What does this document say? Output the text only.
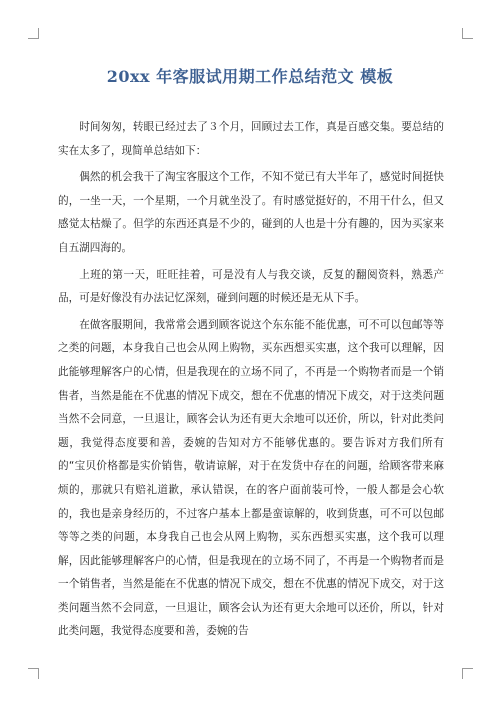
20xx 年客服试用期工作总结范文 模板

时间匆匆，转眼已经过去了３个月，回顾过去工作，真是百感交集。要总结的实在太多了，现简单总结如下：

偶然的机会我干了淘宝客服这个工作，不知不觉已有大半年了，感觉时间挺快的，一坐一天，一个星期，一个月就坐没了。有时感觉挺好的，不用干什么，但又感觉太枯燥了。但学的东西还真是不少的，碰到的人也是十分有趣的，因为买家来自五湖四海的。

上班的第一天，旺旺挂着，可是没有人与我交谈，反复的翻阅资料，熟悉产品，可是好像没有办法记忆深刻，碰到问题的时候还是无从下手。

在做客服期间，我常常会遇到顾客说这个东东能不能优惠，可不可以包邮等等之类的问题，本身我自己也会从网上购物，买东西想买实惠，这个我可以理解，因此能够理解客户的心情，但是我现在的立场不同了，不再是一个购物者而是一个销售者，当然是能在不优惠的情况下成交，想在不优惠的情况下成交，对于这类问题当然不会同意，一旦退让，顾客会认为还有更大余地可以还价，所以，针对此类问题，我觉得态度要和善，委婉的告知对方不能够优惠的。要告诉对方我们所有的“宝贝价格都是实价销售，敬请谅解，对于在发货中存在的问题，给顾客带来麻烦的，那就只有赔礼道歉，承认错误，在的客户面前装可怜，一般人都是会心软的，我也是亲身经历的，不过客户基本上都是蛮谅解的，收到货惠，可不可以包邮等等之类的问题，本身我自己也会从网上购物，买东西想买实惠，这个我可以理解，因此能够理解客户的心情，但是我现在的立场不同了，不再是一个购物者而是一个销售者，当然是能在不优惠的情况下成交，想在不优惠的情况下成交，对于这类问题当然不会同意，一旦退让，顾客会认为还有更大余地可以还价，所以，针对此类问题，我觉得态度要和善，委婉的告
